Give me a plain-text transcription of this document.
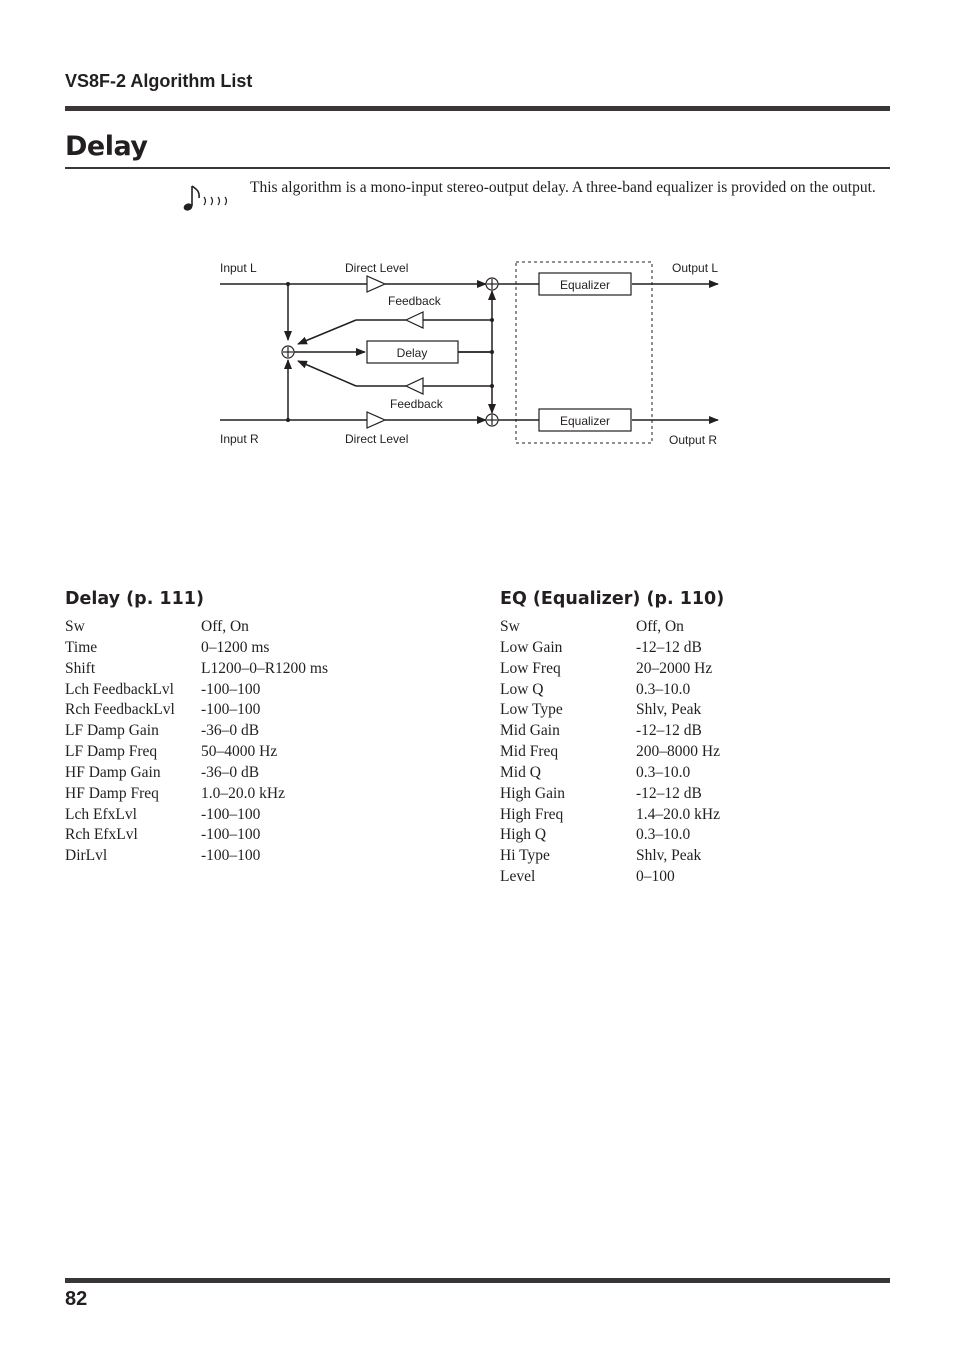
VS8F-2 Algorithm List
Delay
This algorithm is a mono-input stereo-output delay. A three-band equalizer is provided on the output.
Input L
Input R
Direct Level
Direct Level
Feedback
Feedback
Delay
Equalizer
Equalizer
Output L
Output R
Delay (p. 111)
Sw	Off, On
Time	0–1200 ms
Shift	L1200–0–R1200 ms
Lch FeedbackLvl	-100–100
Rch FeedbackLvl	-100–100
LF Damp Gain	-36–0 dB
LF Damp Freq	50–4000 Hz
HF Damp Gain	-36–0 dB
HF Damp Freq	1.0–20.0 kHz
Lch EfxLvl	-100–100
Rch EfxLvl	-100–100
DirLvl	-100–100
EQ (Equalizer) (p. 110)
Sw	Off, On
Low Gain	-12–12 dB
Low Freq	20–2000 Hz
Low Q	0.3–10.0
Low Type	Shlv, Peak
Mid Gain	-12–12 dB
Mid Freq	200–8000 Hz
Mid Q	0.3–10.0
High Gain	-12–12 dB
High Freq	1.4–20.0 kHz
High Q	0.3–10.0
Hi Type	Shlv, Peak
Level	0–100
82
